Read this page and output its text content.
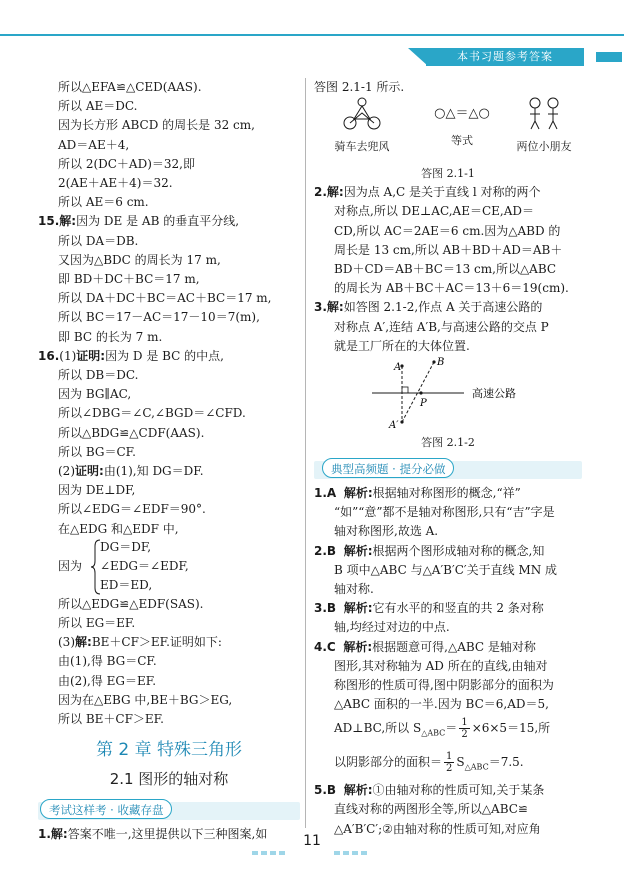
本书习题参考答案

所以△EFA≌△CED(AAS).

所以 AE＝DC.

因为长方形 ABCD 的周长是 32 cm,

AD＝AE＋4,

所以 2(DC＋AD)＝32,即

2(AE＋AE＋4)＝32.

所以 AE＝6 cm.

15.解:因为 DE 是 AB 的垂直平分线,

所以 DA＝DB.

又因为△BDC 的周长为 17 m,

即 BD＋DC＋BC＝17 m,

所以 DA＋DC＋BC＝AC＋BC＝17 m,

所以 BC＝17－AC＝17－10＝7(m),

即 BC 的长为 7 m.

16.(1)证明:因为 D 是 BC 的中点,

所以 DB＝DC.

因为 BG∥AC,

所以∠DBG＝∠C,∠BGD＝∠CFD.

所以△BDG≌△CDF(AAS).

所以 BG＝CF.

(2)证明:由(1),知 DG＝DF.

因为 DE⊥DF,

所以∠EDG＝∠EDF＝90°.

在△EDG 和△EDF 中,

因为

DG＝DF,

∠EDG＝∠EDF,

ED＝ED,

所以△EDG≌△EDF(SAS).

所以 EG＝EF.

(3)解:BE＋CF＞EF.证明如下:

由(1),得 BG＝CF.

由(2),得 EG＝EF.

因为在△EBG 中,BE＋BG＞EG,

所以 BE＋CF＞EF.

第 2 章 特殊三角形
2.1 图形的轴对称
考试这样考 · 收藏存盘

1.解:答案不唯一,这里提供以下三种图案,如

答图 2.1-1 所示.

骑车去兜风
○△＝△○
等式	两位小朋友

答图 2.1-1

2.解:因为点 A,C 是关于直线 l 对称的两个

对称点,所以 DE⊥AC,AE＝CE,AD＝

CD,所以 AC＝2AE＝6 cm.因为△ABD 的

周长是 13 cm,所以 AB＋BD＋AD＝AB＋

BD＋CD＝AB＋BC＝13 cm,所以△ABC

的周长为 AB＋BC＋AC＝13＋6＝19(cm).

3.解:如答图 2.1-2,作点 A 关于高速公路的

对称点 A′,连结 A′B,与高速公路的交点 P

就是工厂所在的大体位置.

A	B
P
A′
高速公路

答图 2.1-2

典型高频题 · 提分必做

1.A 解析:根据轴对称图形的概念,“祥”

“如”“意”都不是轴对称图形,只有“吉”字是

轴对称图形,故选 A.

2.B 解析:根据两个图形成轴对称的概念,知

B 项中△ABC 与△A′B′C′关于直线 MN 成

轴对称.

3.B 解析:它有水平的和竖直的共 2 条对称

轴,均经过对边的中点.

4.C 解析:根据题意可得,△ABC 是轴对称

图形,其对称轴为 AD 所在的直线,由轴对

称图形的性质可得,图中阴影部分的面积为

△ABC 面积的一半.因为 BC＝6,AD＝5,

AD⊥BC,所以 $S_{\triangle ABC}= \frac{1}{2} \times 6\times 5=15$,所

以阴影部分的面积＝ $\frac{1}{2} S_{\triangle ABC}=7.5$.

5.B 解析:①由轴对称的性质可知,关于某条

直线对称的两图形全等,所以△ABC≌

△A′B′C′;②由轴对称的性质可知,对应角

11
